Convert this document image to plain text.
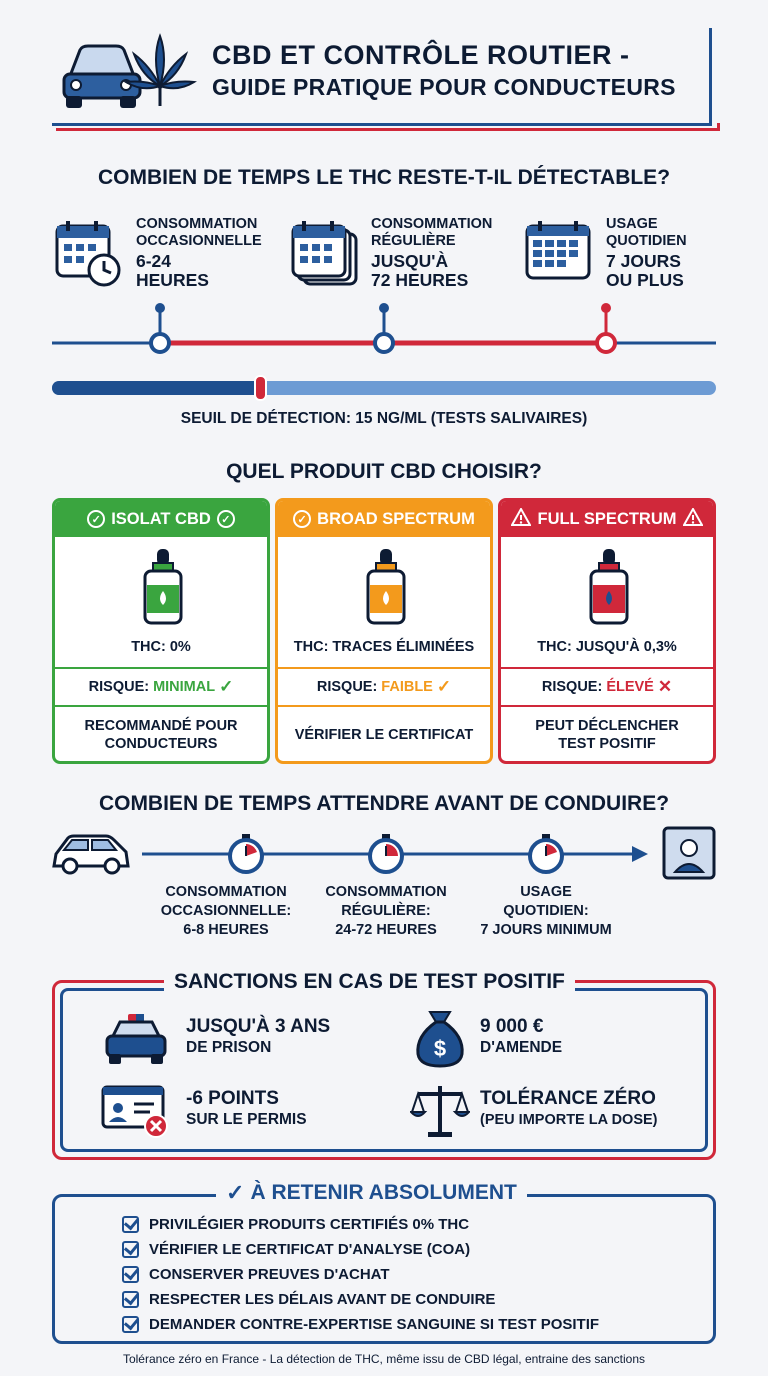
CBD ET CONTRÔLE ROUTIER -
GUIDE PRATIQUE POUR CONDUCTEURS
COMBIEN DE TEMPS LE THC RESTE-T-IL DÉTECTABLE?
CONSOMMATION
OCCASIONNELLE
6-24
HEURES
CONSOMMATION
RÉGULIÈRE
JUSQU'À
72 HEURES
USAGE
QUOTIDIEN
7 JOURS
OU PLUS
SEUIL DE DÉTECTION: 15 NG/ML (TESTS SALIVAIRES)
QUEL PRODUIT CBD CHOISIR?
✓ ISOLAT CBD ✓
THC: 0%
RISQUE: MINIMAL ✓
RECOMMANDÉ POUR
CONDUCTEURS
✓ BROAD SPECTRUM
THC: TRACES ÉLIMINÉES
RISQUE: FAIBLE ✓
VÉRIFIER LE CERTIFICAT
FULL SPECTRUM
THC: JUSQU'À 0,3%
RISQUE: ÉLEVÉ ✕
PEUT DÉCLENCHER
TEST POSITIF
COMBIEN DE TEMPS ATTENDRE AVANT DE CONDUIRE?
CONSOMMATION
OCCASIONNELLE:
6-8 HEURES
CONSOMMATION
RÉGULIÈRE:
24-72 HEURES
USAGE
QUOTIDIEN:
7 JOURS MINIMUM
SANCTIONS EN CAS DE TEST POSITIF
JUSQU'À 3 ANS
DE PRISON	$
9 000 €
D'AMENDE
-6 POINTS
SUR LE PERMIS
TOLÉRANCE ZÉRO
(PEU IMPORTE LA DOSE)
✓ À RETENIR ABSOLUMENT
PRIVILÉGIER PRODUITS CERTIFIÉS 0% THC
VÉRIFIER LE CERTIFICAT D'ANALYSE (COA)
CONSERVER PREUVES D'ACHAT
RESPECTER LES DÉLAIS AVANT DE CONDUIRE
DEMANDER CONTRE-EXPERTISE SANGUINE SI TEST POSITIF
Tolérance zéro en France - La détection de THC, même issu de CBD légal, entraine des sanctions
